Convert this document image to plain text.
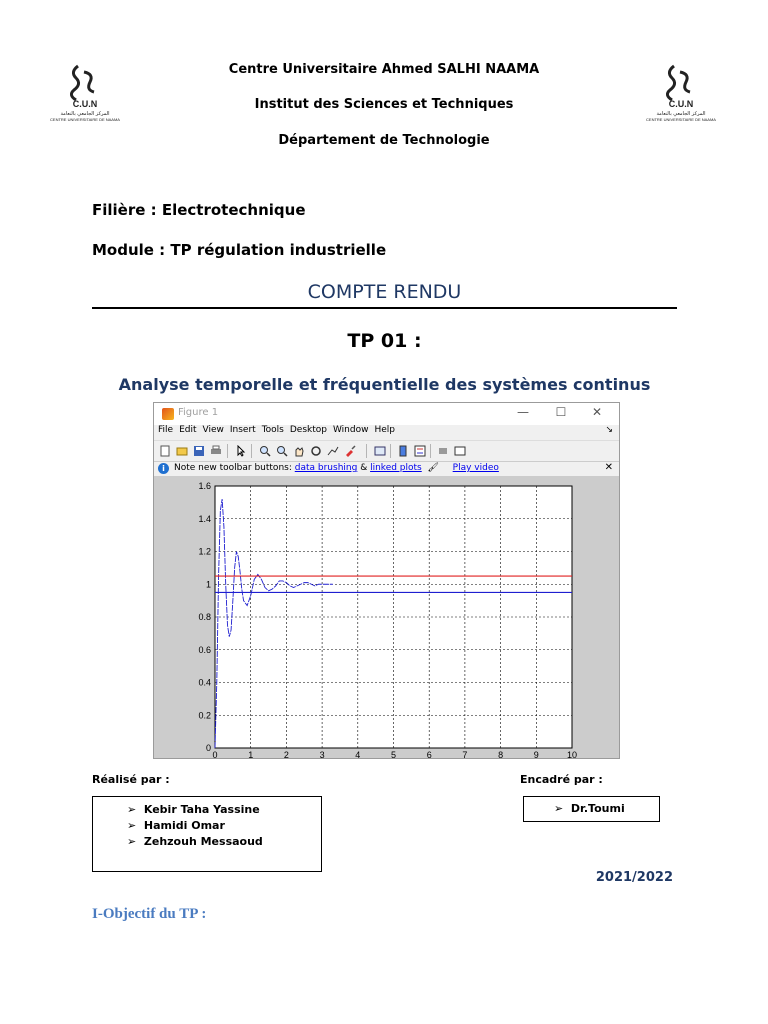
C.U.N
المركز الجامعي بالنعامة
CENTRE UNIVERSITAIRE DE NAAMA
C.U.N
المركز الجامعي بالنعامة
CENTRE UNIVERSITAIRE DE NAAMA
Centre Universitaire Ahmed SALHI NAAMA
Institut des Sciences et Techniques
Département de Technologie
Filière : Electrotechnique
Module : TP régulation industrielle
COMPTE RENDU
TP 01 :
Analyse temporelle et fréquentielle des systèmes continus
Figure 1	—	☐	✕
File Edit View Insert Tools Desktop Window Help	↘
i	Note new toolbar buttons: data brushing & linked plots  🖌  Play video	✕
0	1	2	3	4	5	6	7	8	9	10
0
0.2
0.4
0.6
0.8
1
1.2
1.4
1.6
Réalisé par :	Encadré par :
➢ Kebir Taha Yassine
➢ Hamidi Omar
➢ Zehzouh Messaoud
➢ Dr.Toumi
2021/2022
I-Objectif du TP :
